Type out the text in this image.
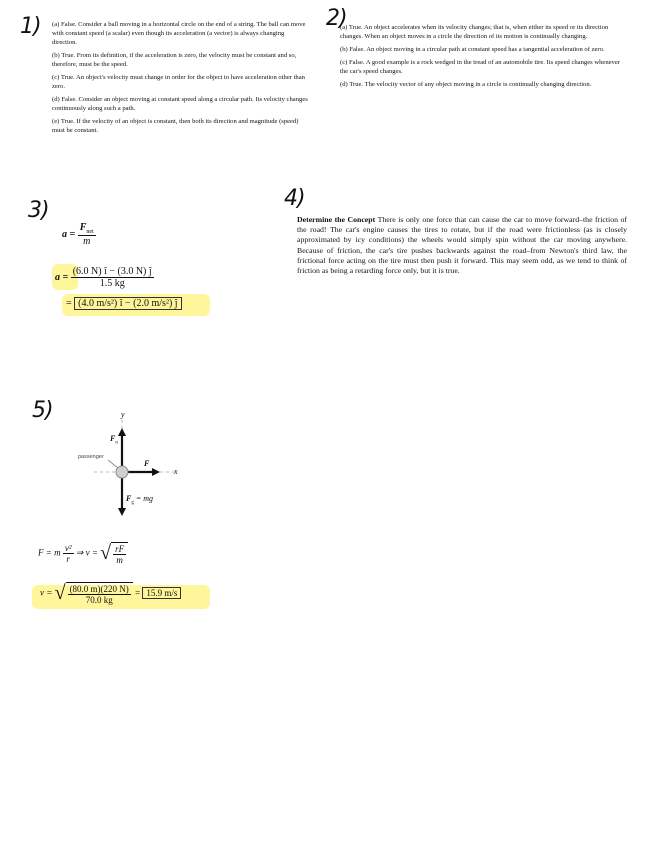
1)	2)
3)	4)
5)

(a) False. Consider a ball moving in a horizontal circle on the end of a string. The ball can move with constant speed (a scalar) even though its acceleration (a vector) is always changing direction.

(b) True. From its definition, if the acceleration is zero, the velocity must be constant and so, therefore, must be the speed.

(c) True. An object's velocity must change in order for the object to have acceleration other than zero.

(d) False. Consider an object moving at constant speed along a circular path. Its velocity changes continuously along such a path.

(e) True. If the velocity of an object is constant, then both its direction and magnitude (speed) must be constant.

(a) True. An object accelerates when its velocity changes; that is, when either its speed or its direction changes. When an object moves in a circle the direction of its motion is continually changing.

(b) False. An object moving in a circular path at constant speed has a tangential acceleration of zero.

(c) False. A good example is a rock wedged in the tread of an automobile tire. Its speed changes whenever the car's speed changes.

(d) True. The velocity vector of any object moving in a circle is continually changing direction.

$a = \frac{F_{net}}{m}$
$a = \frac{(6.0 N) î - (3.0 N) ĵ}{1.5 kg}$
= (4.0 m/s²) î − (2.0 m/s²) ĵ
Determine the Concept There is only one force that can cause the car to move forward–the friction of the road! The car's engine causes the tires to rotate, but if the road were frictionless (as is closely approximated by icy conditions) the wheels would simply spin without the car moving anywhere. Because of friction, the car's tire pushes backwards against the road–from Newton's third law, the frictional force acting on the tire must then push it forward. This may seem odd, as we tend to think of friction as being a retarding force only, but it is true.
y
x
$F_n$
passenger
F
$F_g$ = mg
F = m $\frac{\text{v²}}{r}$ ⇒ v = √ $\frac{rF}{m}$
v = √ $\frac{(80.0 m)(220 N)}{70.0 kg} = 15.9$ m/s
